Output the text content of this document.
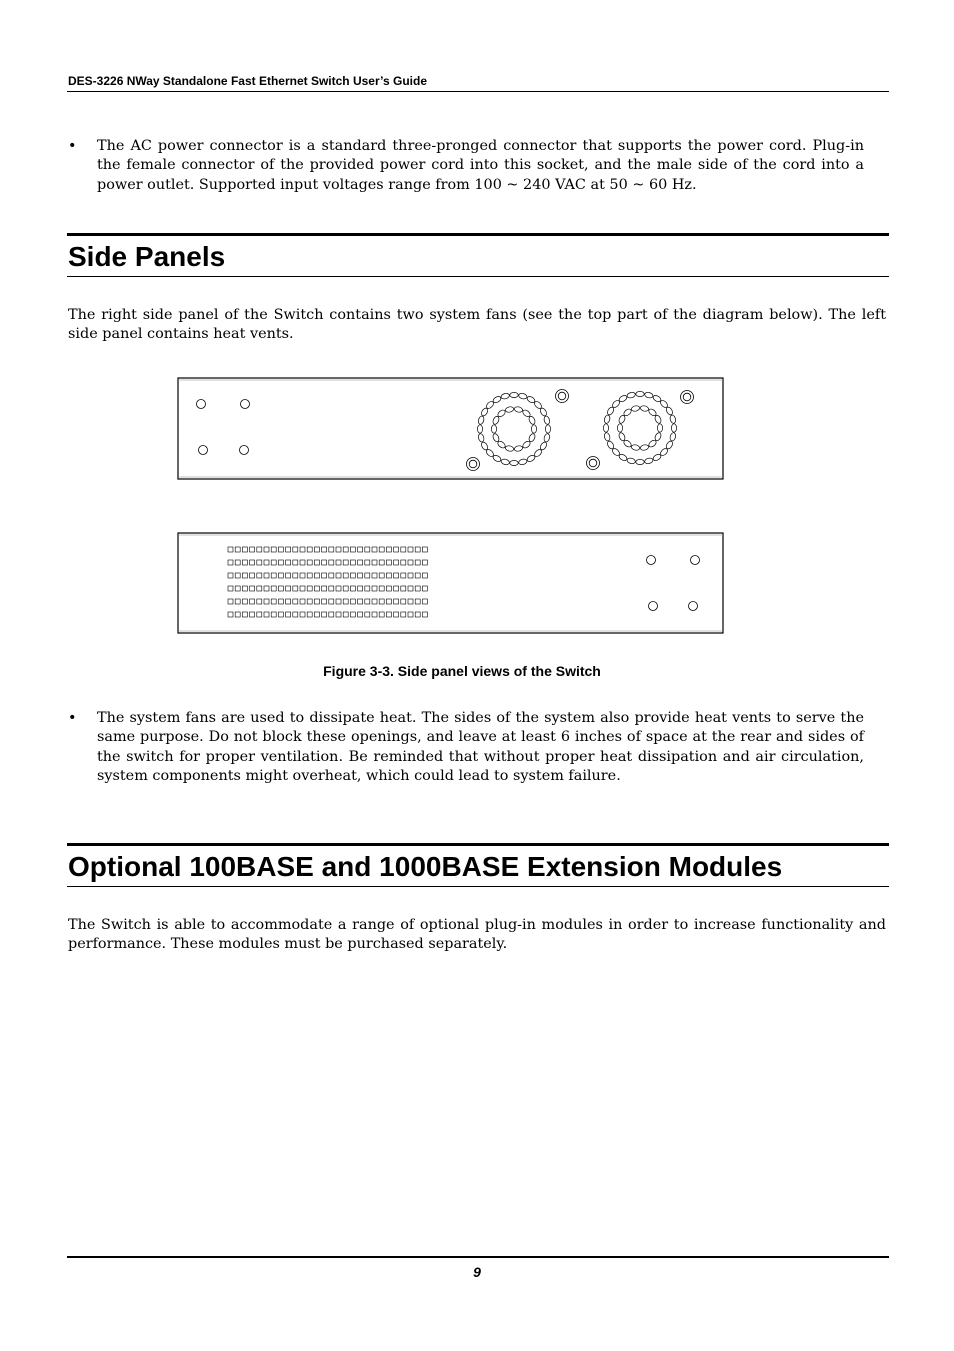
DES-3226 NWay Standalone Fast Ethernet Switch User’s Guide
• The AC power connector is a standard three-pronged connector that supports the power cord. Plug-in the female connector of the provided power cord into this socket, and the male side of the cord into a power outlet. Supported input voltages range from 100 ~ 240 VAC at 50 ~ 60 Hz.
Side Panels
The right side panel of the Switch contains two system fans (see the top part of the diagram below). The left side panel contains heat vents.
Figure 3-3. Side panel views of the Switch
• The system fans are used to dissipate heat. The sides of the system also provide heat vents to serve the same purpose. Do not block these openings, and leave at least 6 inches of space at the rear and sides of the switch for proper ventilation. Be reminded that without proper heat dissipation and air circulation, system components might overheat, which could lead to system failure.
Optional 100BASE and 1000BASE Extension Modules
The Switch is able to accommodate a range of optional plug-in modules in order to increase functionality and performance. These modules must be purchased separately.
9
